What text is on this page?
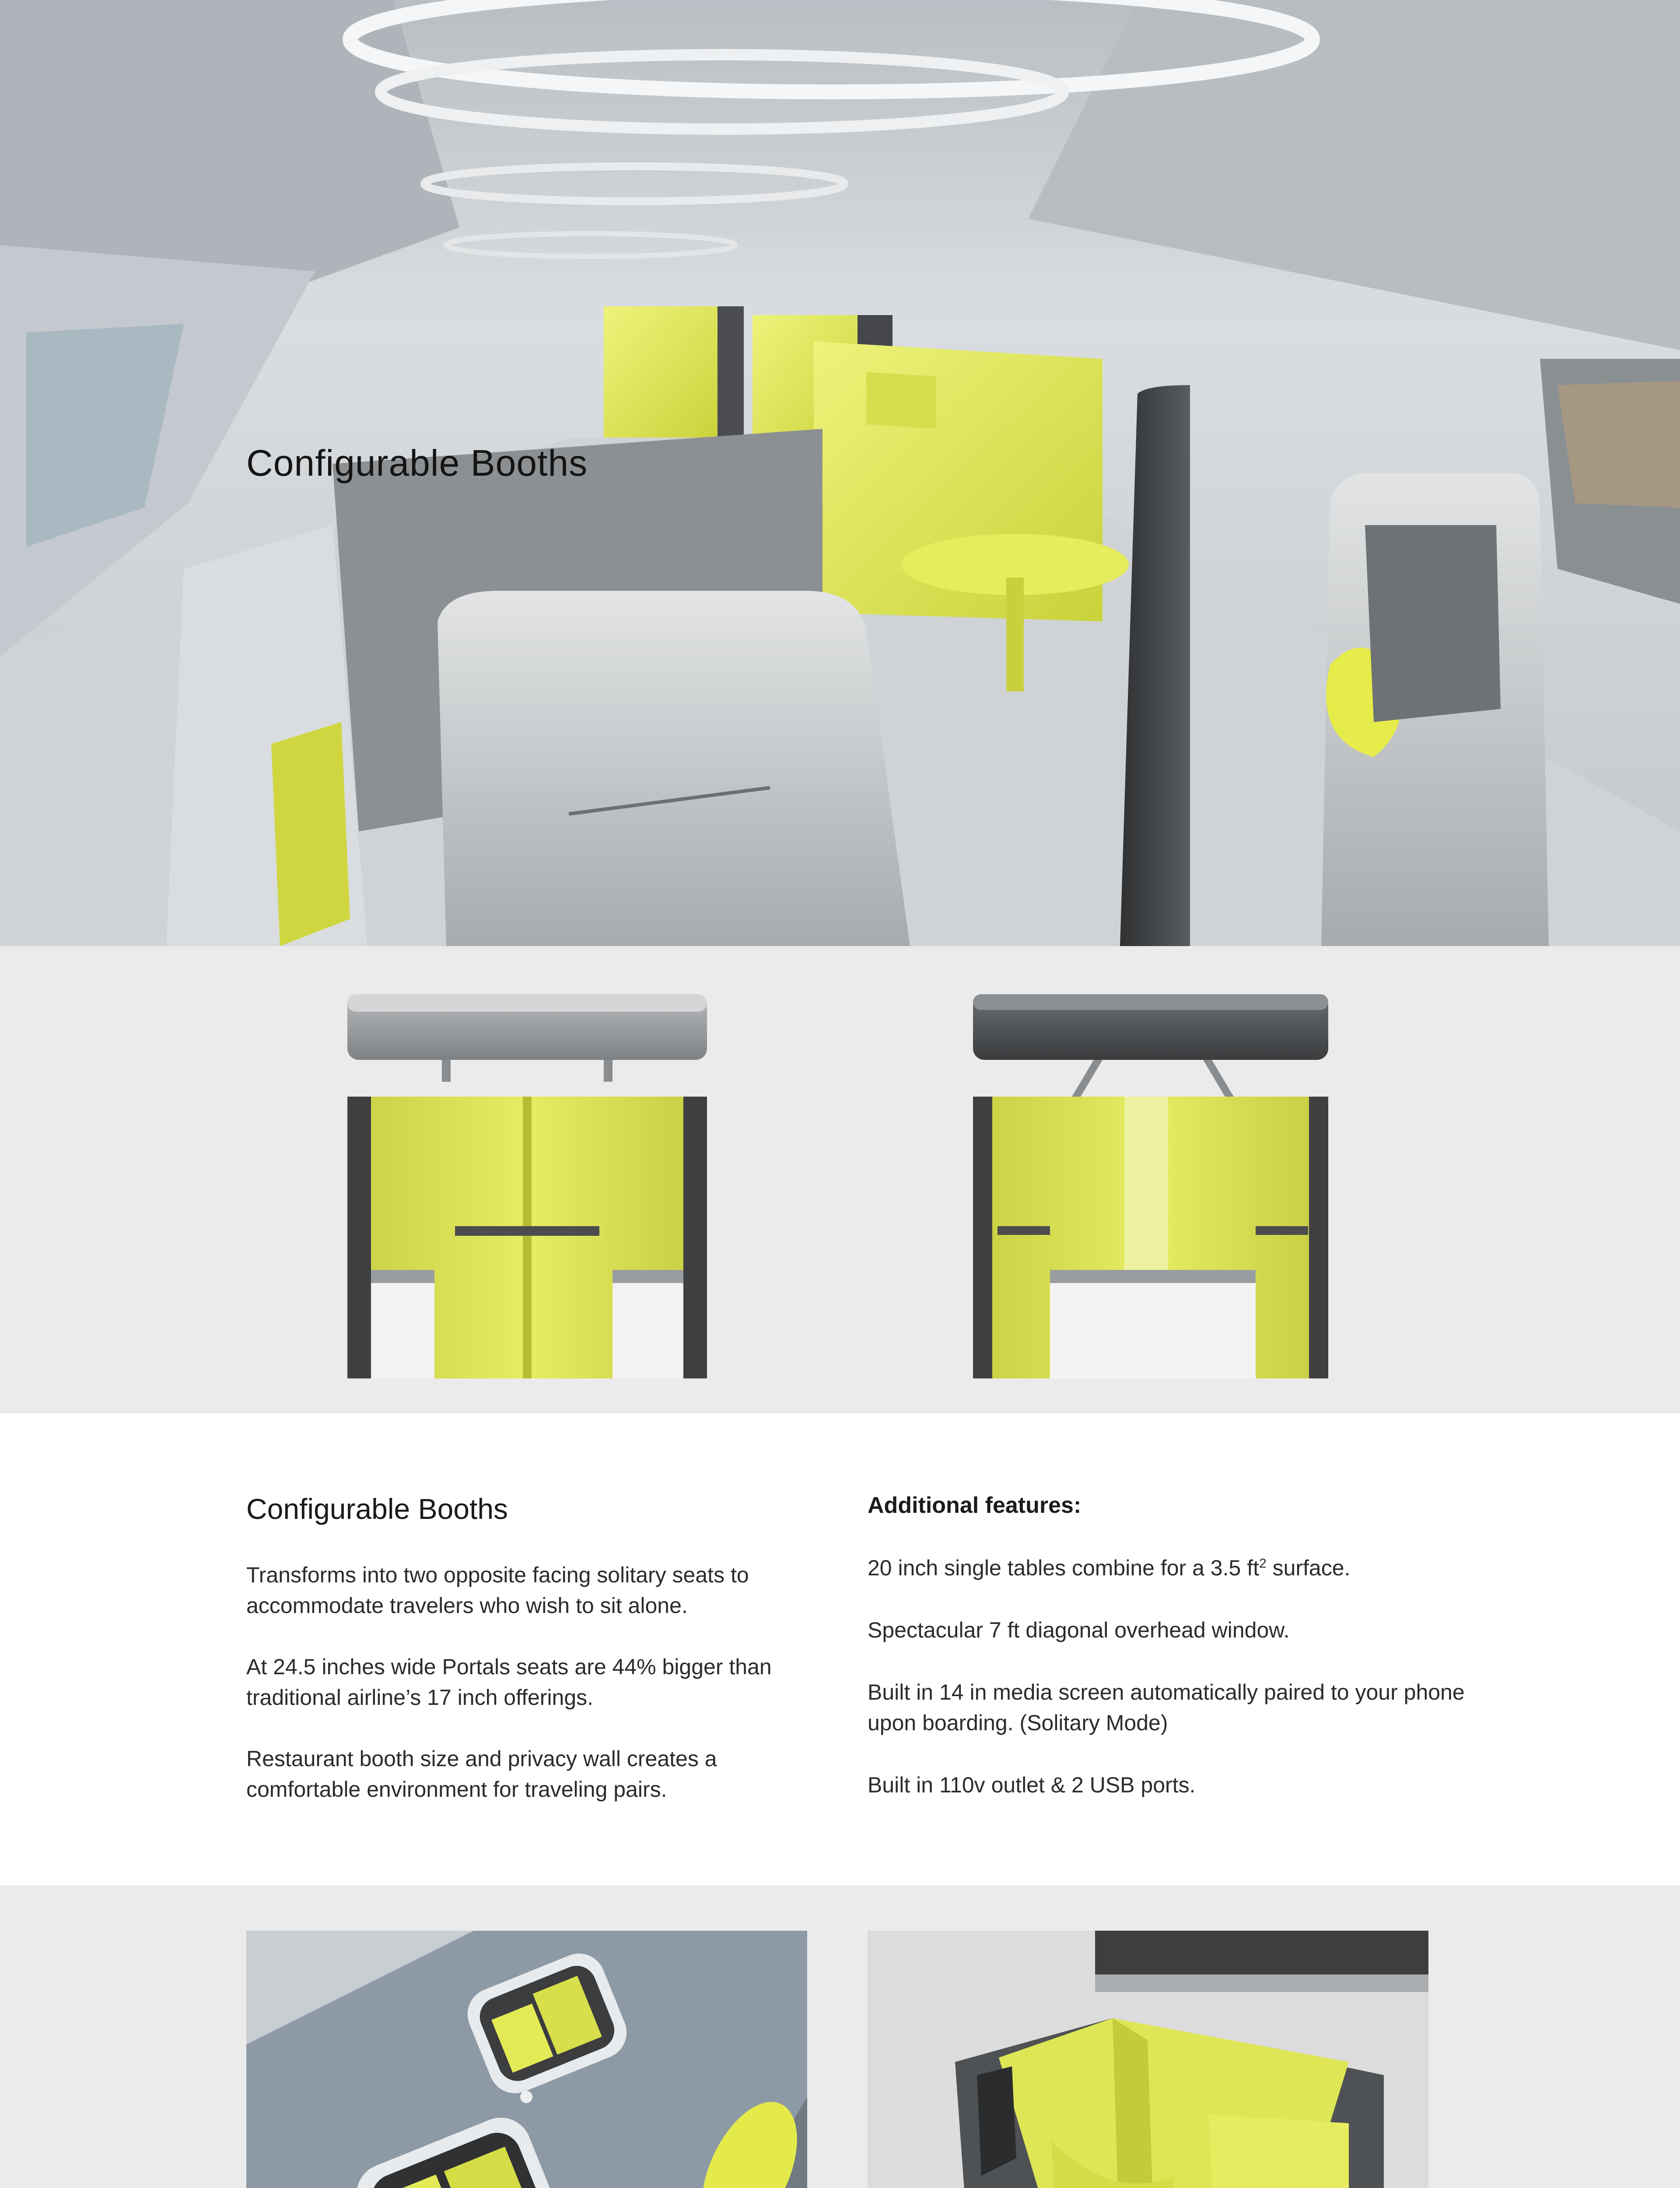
Configurable Booths
Configurable Booths

Transforms into two opposite facing solitary seats to accommodate travelers who wish to sit alone.

At 24.5 inches wide Portals seats are 44% bigger than traditional airline’s 17 inch offerings.

Restaurant booth size and privacy wall creates a comfortable environment for traveling pairs.

Additional features:

20 inch single tables combine for a 3.5 $ft^2$ surface.

Spectacular 7 ft diagonal overhead window.

Built in 14 in media screen automatically paired to your phone upon boarding. (Solitary Mode)

Built in 110v outlet & 2 USB ports.
